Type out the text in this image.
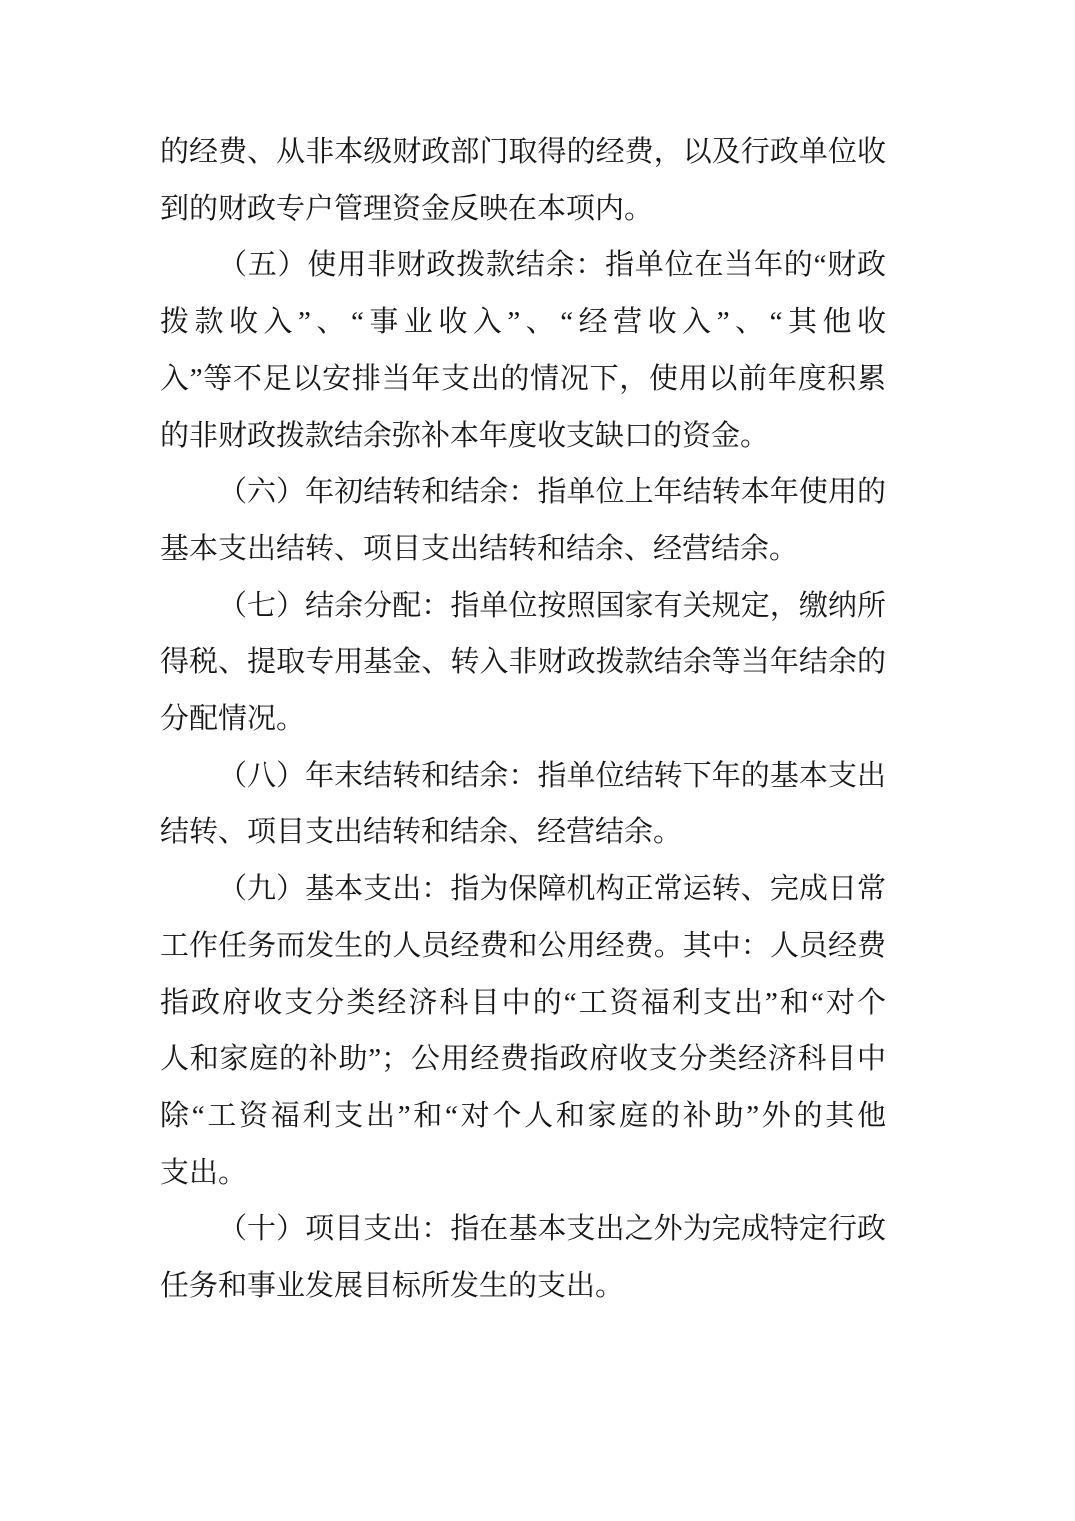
的经费、从非本级财政部门取得的经费，以及行政单位收
到的财政专户管理资金反映在本项内。

（五）使用非财政拨款结余：指单位在当年的“财政
拨款收入”、“事业收入”、“经营收入”、“其他收
入”等不足以安排当年支出的情况下，使用以前年度积累
的非财政拨款结余弥补本年度收支缺口的资金。

（六）年初结转和结余：指单位上年结转本年使用的
基本支出结转、项目支出结转和结余、经营结余。

（七）结余分配：指单位按照国家有关规定，缴纳所
得税、提取专用基金、转入非财政拨款结余等当年结余的
分配情况。

（八）年末结转和结余：指单位结转下年的基本支出
结转、项目支出结转和结余、经营结余。

（九）基本支出：指为保障机构正常运转、完成日常
工作任务而发生的人员经费和公用经费。其中：人员经费
指政府收支分类经济科目中的“工资福利支出”和“对个
人和家庭的补助”；公用经费指政府收支分类经济科目中
除“工资福利支出”和“对个人和家庭的补助”外的其他
支出。

（十）项目支出：指在基本支出之外为完成特定行政
任务和事业发展目标所发生的支出。
